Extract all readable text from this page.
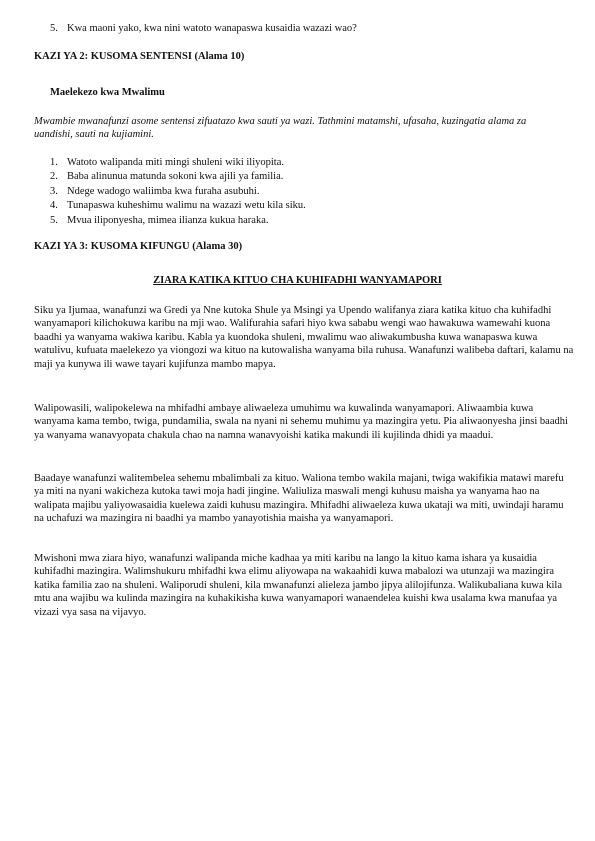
5. Kwa maoni yako, kwa nini watoto wanapaswa kusaidia wazazi wao?
KAZI YA 2: KUSOMA SENTENSI (Alama 10)
Maelekezo kwa Mwalimu
Mwambie mwanafunzi asome sentensi zifuatazo kwa sauti ya wazi. Tathmini matamshi, ufasaha, kuzingatia alama za uandishi, sauti na kujiamini.
1. Watoto walipanda miti mingi shuleni wiki iliyopita.
2. Baba alinunua matunda sokoni kwa ajili ya familia.
3. Ndege wadogo waliimba kwa furaha asubuhi.
4. Tunapaswa kuheshimu walimu na wazazi wetu kila siku.
5. Mvua iliponyesha, mimea ilianza kukua haraka.
KAZI YA 3: KUSOMA KIFUNGU (Alama 30)
ZIARA KATIKA KITUO CHA KUHIFADHI WANYAMAPORI

Siku ya Ijumaa, wanafunzi wa Gredi ya Nne kutoka Shule ya Msingi ya Upendo walifanya ziara katika kituo cha kuhifadhi wanyamapori kilichokuwa karibu na mji wao. Walifurahia safari hiyo kwa sababu wengi wao hawakuwa wamewahi kuona baadhi ya wanyama wakiwa karibu. Kabla ya kuondoka shuleni, mwalimu wao aliwakumbusha kuwa wanapaswa kuwa watulivu, kufuata maelekezo ya viongozi wa kituo na kutowalisha wanyama bila ruhusa. Wanafunzi walibeba daftari, kalamu na maji ya kunywa ili wawe tayari kujifunza mambo mapya.

Walipowasili, walipokelewa na mhifadhi ambaye aliwaeleza umuhimu wa kuwalinda wanyamapori. Aliwaambia kuwa wanyama kama tembo, twiga, pundamilia, swala na nyani ni sehemu muhimu ya mazingira yetu. Pia aliwaonyesha jinsi baadhi ya wanyama wanavyopata chakula chao na namna wanavyoishi katika makundi ili kujilinda dhidi ya maadui.

Baadaye wanafunzi walitembelea sehemu mbalimbali za kituo. Waliona tembo wakila majani, twiga wakifikia matawi marefu ya miti na nyani wakicheza kutoka tawi moja hadi jingine. Waliuliza maswali mengi kuhusu maisha ya wanyama hao na walipata majibu yaliyowasaidia kuelewa zaidi kuhusu mazingira. Mhifadhi aliwaeleza kuwa ukataji wa miti, uwindaji haramu na uchafuzi wa mazingira ni baadhi ya mambo yanayotishia maisha ya wanyamapori.

Mwishoni mwa ziara hiyo, wanafunzi walipanda miche kadhaa ya miti karibu na lango la kituo kama ishara ya kusaidia kuhifadhi mazingira. Walimshukuru mhifadhi kwa elimu aliyowapa na wakaahidi kuwa mabalozi wa utunzaji wa mazingira katika familia zao na shuleni. Waliporudi shuleni, kila mwanafunzi alieleza jambo jipya alilojifunza. Walikubaliana kuwa kila mtu ana wajibu wa kulinda mazingira na kuhakikisha kuwa wanyamapori wanaendelea kuishi kwa usalama kwa manufaa ya vizazi vya sasa na vijavyo.
